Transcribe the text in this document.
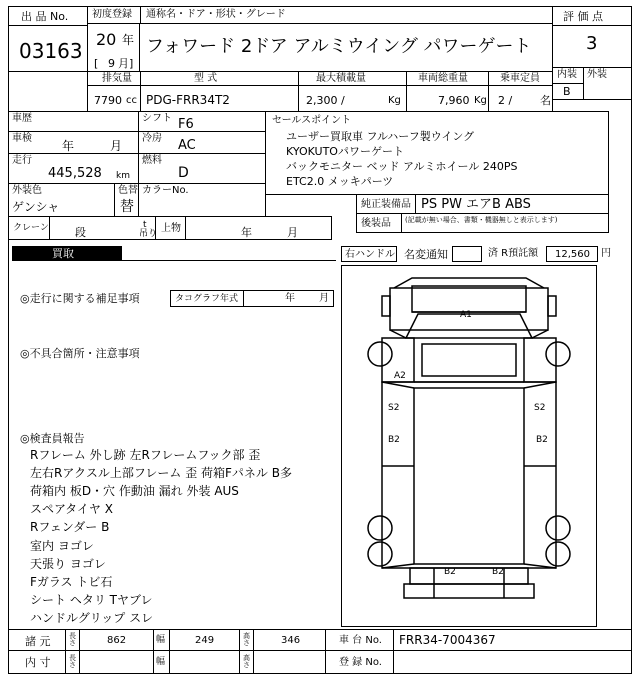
出 品 No.
03163
初度登録 通称名・ドア・形状・グレード
20 年
[ 9 月]
フォワード 2ドア アルミウイング パワーゲート
評 価 点
3
内装 外装
B
排気量	型 式	最大積載量	車両総重量	乗車定員
7790 cc PDG-FRR34T2	2,300 /	Kg	7,960 Kg 2 /	名
車歴	シフト F6
車検
年	月
冷房 AC
走行
445,528 km
燃料
D
外装色
ゲンシャ
色替
替
カラーNo.
クレーン 段
t
吊り 上物	年	月
セールスポイント
ユーザー買取車 フルハーフ製ウイング
KYOKUTOパワーゲート
バックモニター ベッド アルミホイール 240PS
ETC2.0 メッキパーツ
純正装備品 PS PW エアB ABS
後装品 (記載が無い場合、書類・機器無しと表示します)
買取	右ハンドル 名変通知	済 R預託額 12,560 円
◎走行に関する補足事項	タコグラフ年式	年 月
◎不具合箇所・注意事項
◎検査員報告
Rフレーム 外し跡 左Rフレームフック部 歪
左右Rアクスル上部フレーム 歪 荷箱Fパネル B多
荷箱内 板D・穴 作動油 漏れ 外装 AUS
スペアタイヤ X
Rフェンダー B
室内 ヨゴレ
天張り ヨゴレ
Fガラス トビ石
シート ヘタリ Tヤブレ
ハンドルグリップ スレ
A1
A2
S2
B2
S2
B2
B2	B2
諸 元	長さ	862	幅	249	高さ	346	車 台 No. FRR34-7004367
内 寸	長さ	幅	高さ	登 録 No.
